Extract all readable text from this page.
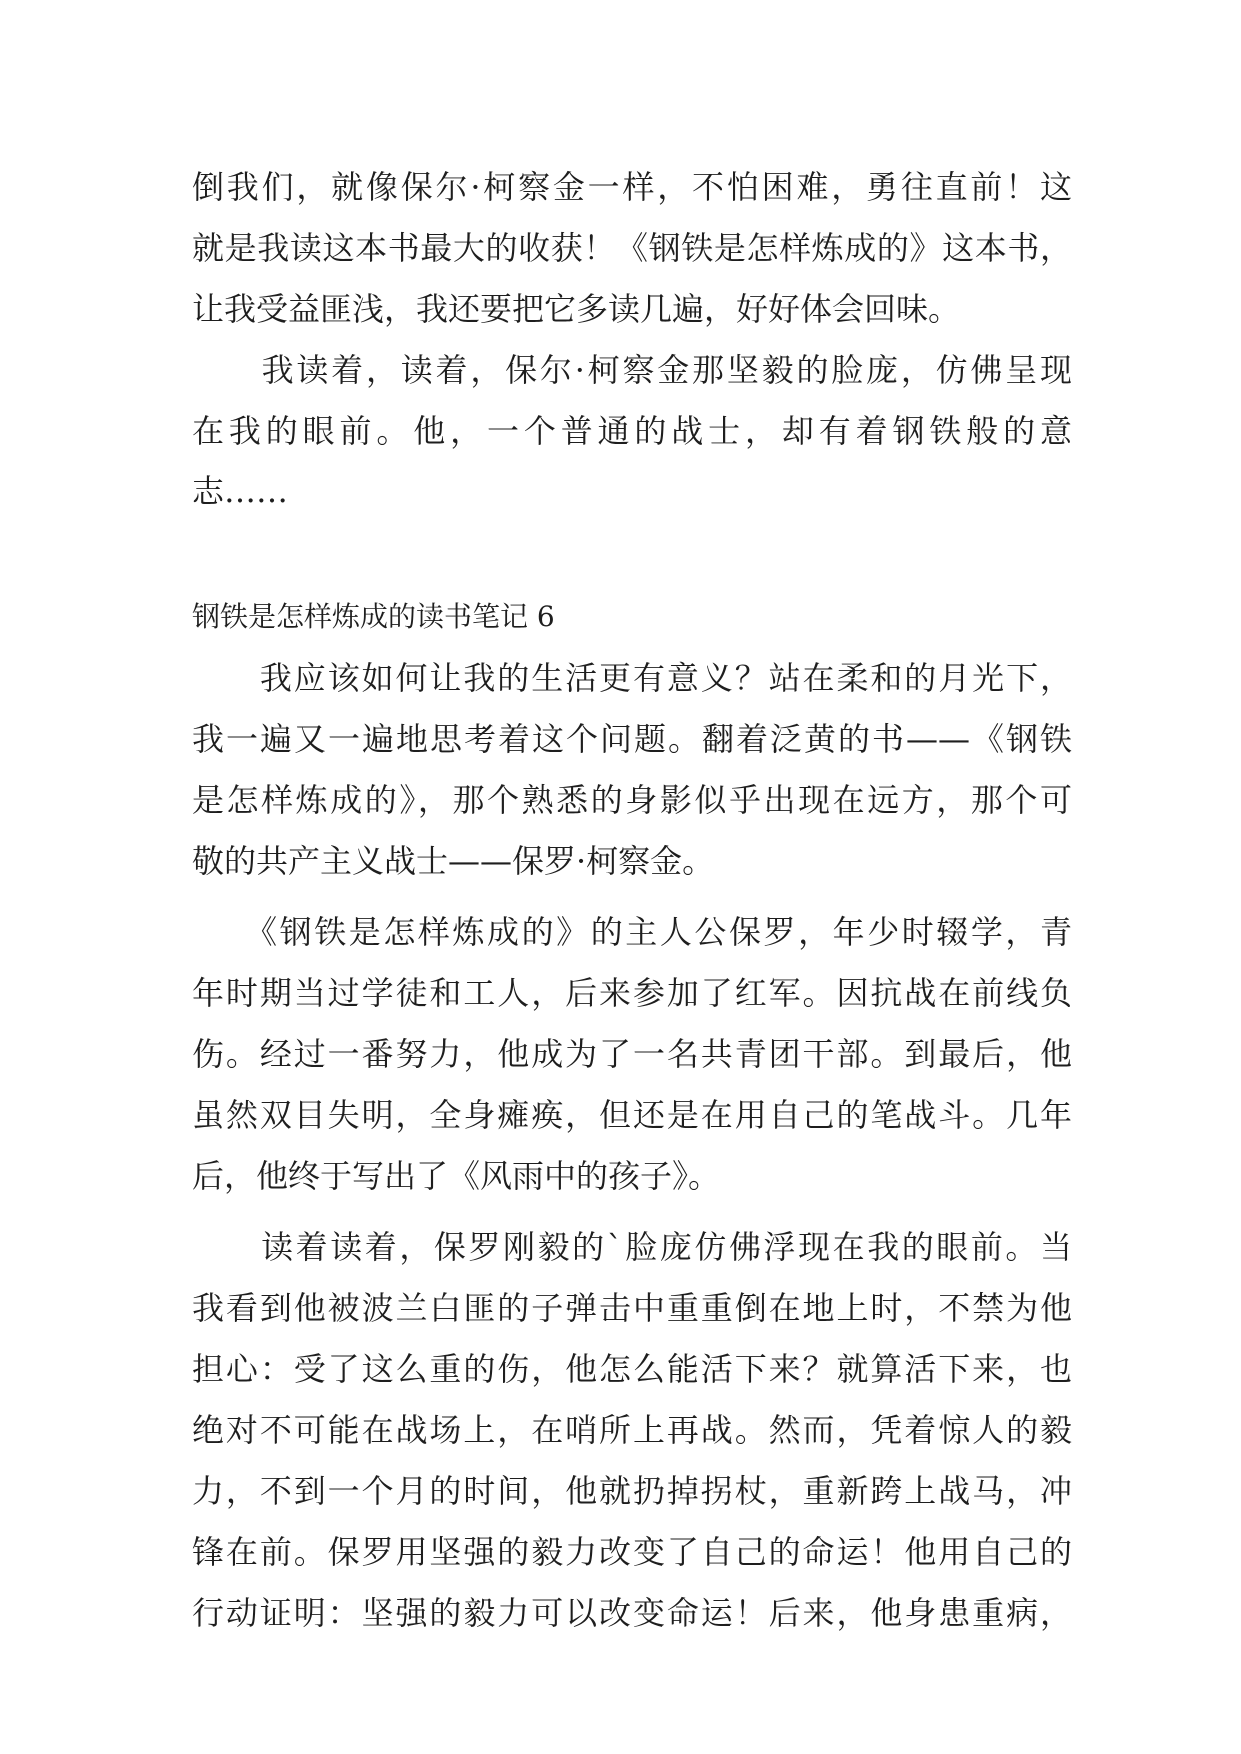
倒我们，就像保尔·柯察金一样，不怕困难，勇往直前！这
就是我读这本书最大的收获！《钢铁是怎样炼成的》这本书，
让我受益匪浅，我还要把它多读几遍，好好体会回味。
　　我读着，读着，保尔·柯察金那坚毅的脸庞，仿佛呈现
在我的眼前。他，一个普通的战士，却有着钢铁般的意
志……
钢铁是怎样炼成的读书笔记 6
　　我应该如何让我的生活更有意义？站在柔和的月光下，
我一遍又一遍地思考着这个问题。翻着泛黄的书——《钢铁
是怎样炼成的》，那个熟悉的身影似乎出现在远方，那个可
敬的共产主义战士——保罗·柯察金。
　　《钢铁是怎样炼成的》的主人公保罗，年少时辍学，青
年时期当过学徒和工人，后来参加了红军。因抗战在前线负
伤。经过一番努力，他成为了一名共青团干部。到最后，他
虽然双目失明，全身瘫痪，但还是在用自己的笔战斗。几年
后，他终于写出了《风雨中的孩子》。
　　读着读着，保罗刚毅的`脸庞仿佛浮现在我的眼前。当
我看到他被波兰白匪的子弹击中重重倒在地上时，不禁为他
担心：受了这么重的伤，他怎么能活下来？就算活下来，也
绝对不可能在战场上，在哨所上再战。然而，凭着惊人的毅
力，不到一个月的时间，他就扔掉拐杖，重新跨上战马，冲
锋在前。保罗用坚强的毅力改变了自己的命运！他用自己的
行动证明：坚强的毅力可以改变命运！后来，他身患重病，
